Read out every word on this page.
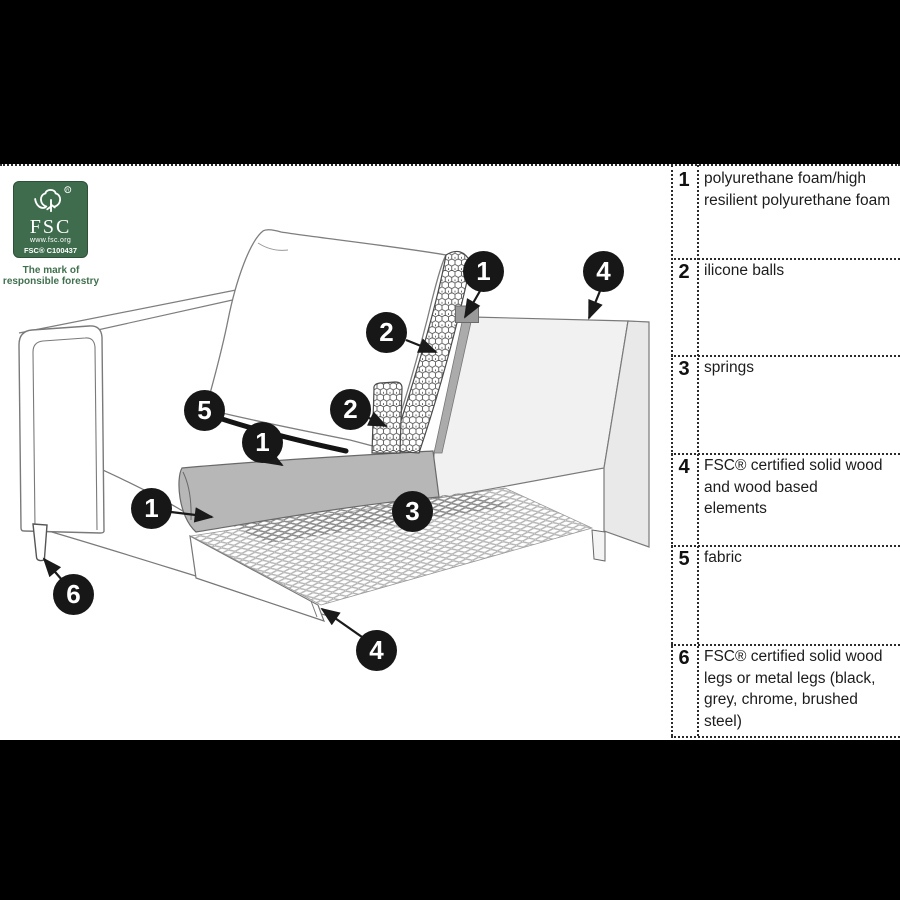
1	4
2
2
5
1
3
1
6
4
R
FSC
www.fsc.org
FSC® C100437
The mark of
responsible forestry
1 polyurethane foam/high
resilient polyurethane foam
2 ilicone balls
3 springs
4 FSC® certified solid wood
and wood based
elements
5 fabric
6 FSC® certified solid wood
legs or metal legs (black,
grey, chrome, brushed
steel)
